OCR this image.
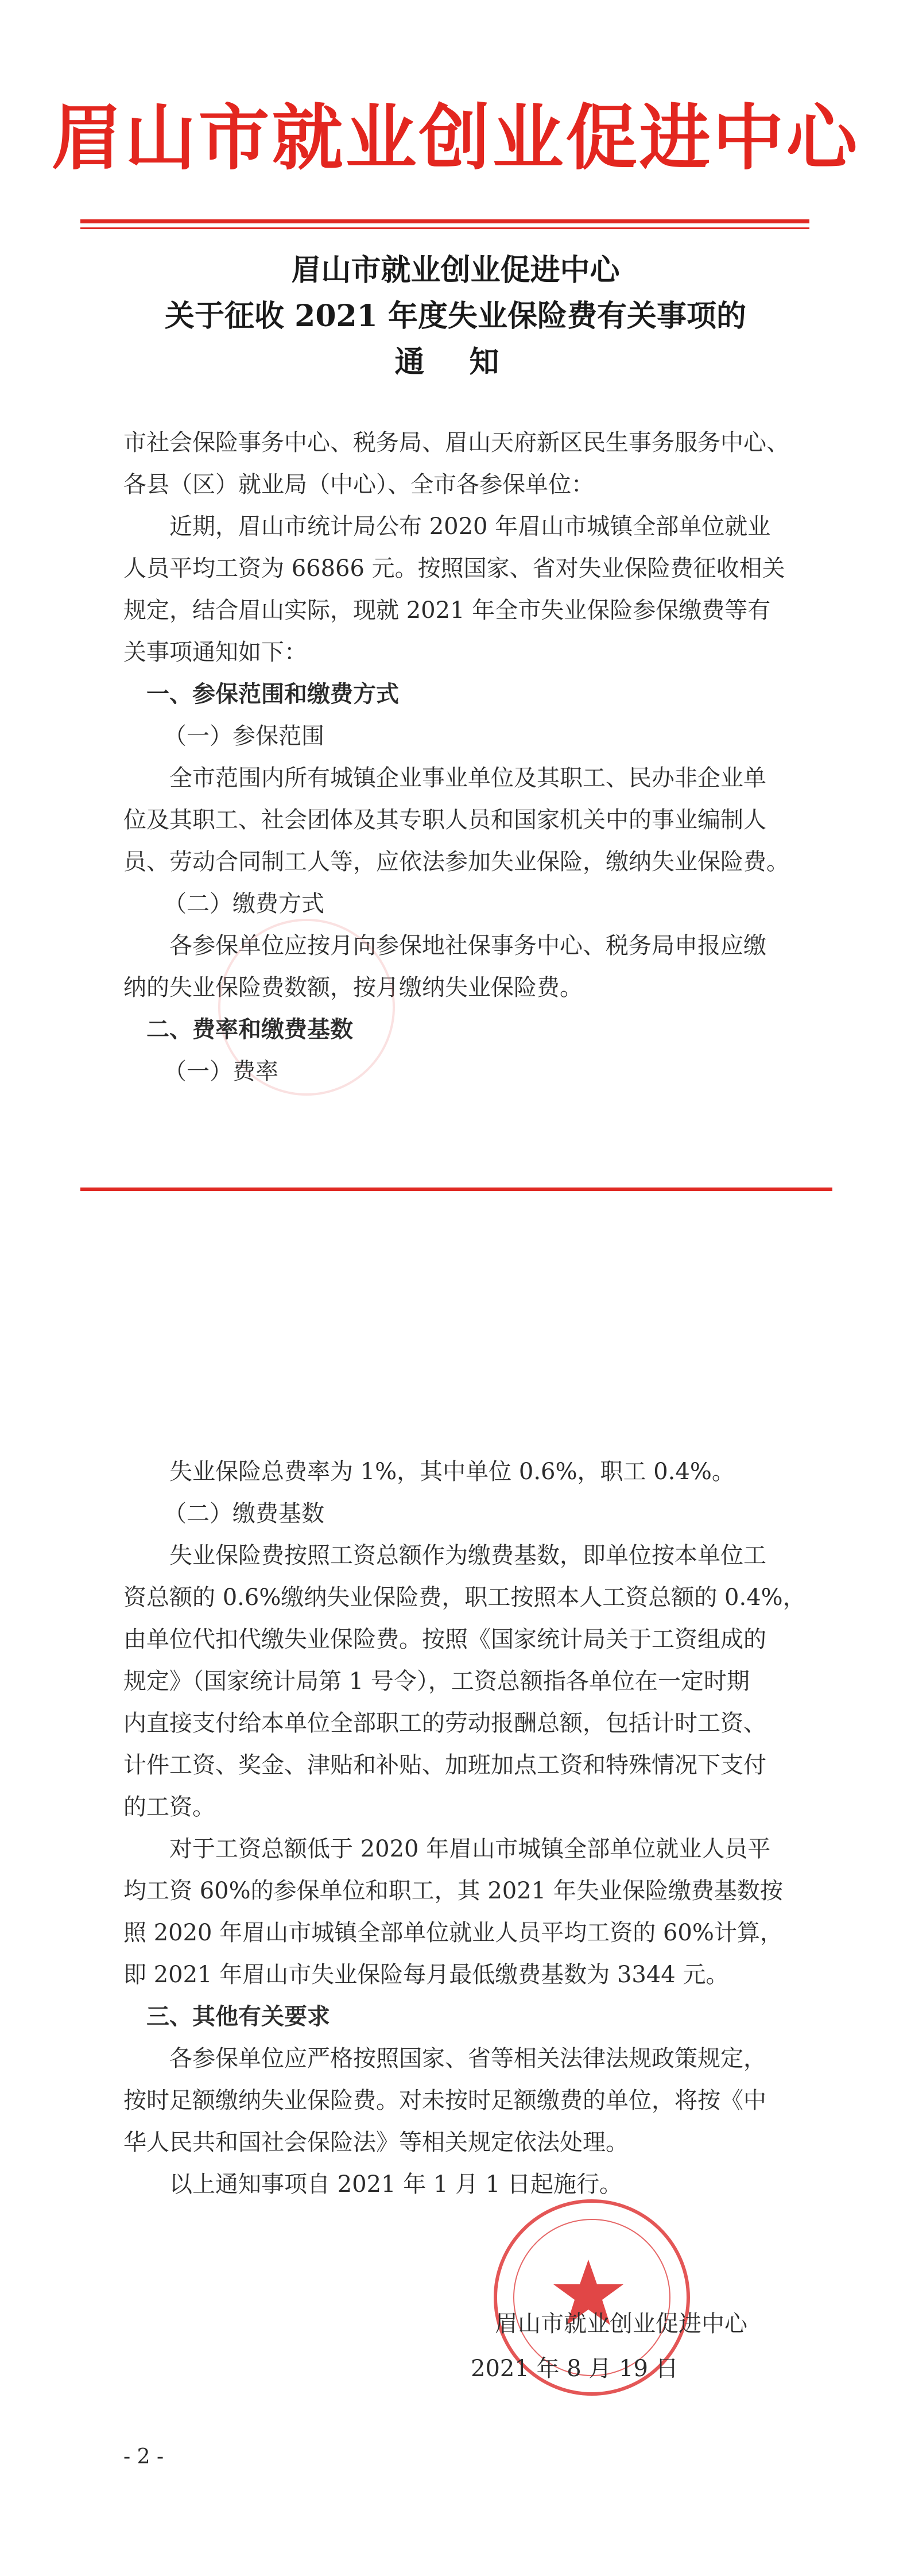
眉山市就业创业促进中心
眉山市就业创业促进中心
关于征收 2021 年度失业保险费有关事项的
通 知
市社会保险事务中心、税务局、眉山天府新区民生事务服务中心、
各县（区）就业局（中心）、全市各参保单位：
近期，眉山市统计局公布 2020 年眉山市城镇全部单位就业
人员平均工资为 66866 元。按照国家、省对失业保险费征收相关
规定，结合眉山实际，现就 2021 年全市失业保险参保缴费等有
关事项通知如下：
一、参保范围和缴费方式
（一）参保范围
全市范围内所有城镇企业事业单位及其职工、民办非企业单
位及其职工、社会团体及其专职人员和国家机关中的事业编制人
员、劳动合同制工人等，应依法参加失业保险，缴纳失业保险费。
（二）缴费方式
各参保单位应按月向参保地社保事务中心、税务局申报应缴
纳的失业保险费数额，按月缴纳失业保险费。
二、费率和缴费基数
（一）费率
失业保险总费率为 1%，其中单位 0.6%，职工 0.4%。
（二）缴费基数
失业保险费按照工资总额作为缴费基数，即单位按本单位工
资总额的 0.6%缴纳失业保险费，职工按照本人工资总额的 0.4%，
由单位代扣代缴失业保险费。按照《国家统计局关于工资组成的
规定》（国家统计局第 1 号令），工资总额指各单位在一定时期
内直接支付给本单位全部职工的劳动报酬总额，包括计时工资、
计件工资、奖金、津贴和补贴、加班加点工资和特殊情况下支付
的工资。
对于工资总额低于 2020 年眉山市城镇全部单位就业人员平
均工资 60%的参保单位和职工，其 2021 年失业保险缴费基数按
照 2020 年眉山市城镇全部单位就业人员平均工资的 60%计算，
即 2021 年眉山市失业保险每月最低缴费基数为 3344 元。
三、其他有关要求
各参保单位应严格按照国家、省等相关法律法规政策规定，
按时足额缴纳失业保险费。对未按时足额缴费的单位，将按《中
华人民共和国社会保险法》等相关规定依法处理。
以上通知事项自 2021 年 1 月 1 日起施行。
眉山市就业创业促进中心
2021 年 8 月 19 日
- 2 -
